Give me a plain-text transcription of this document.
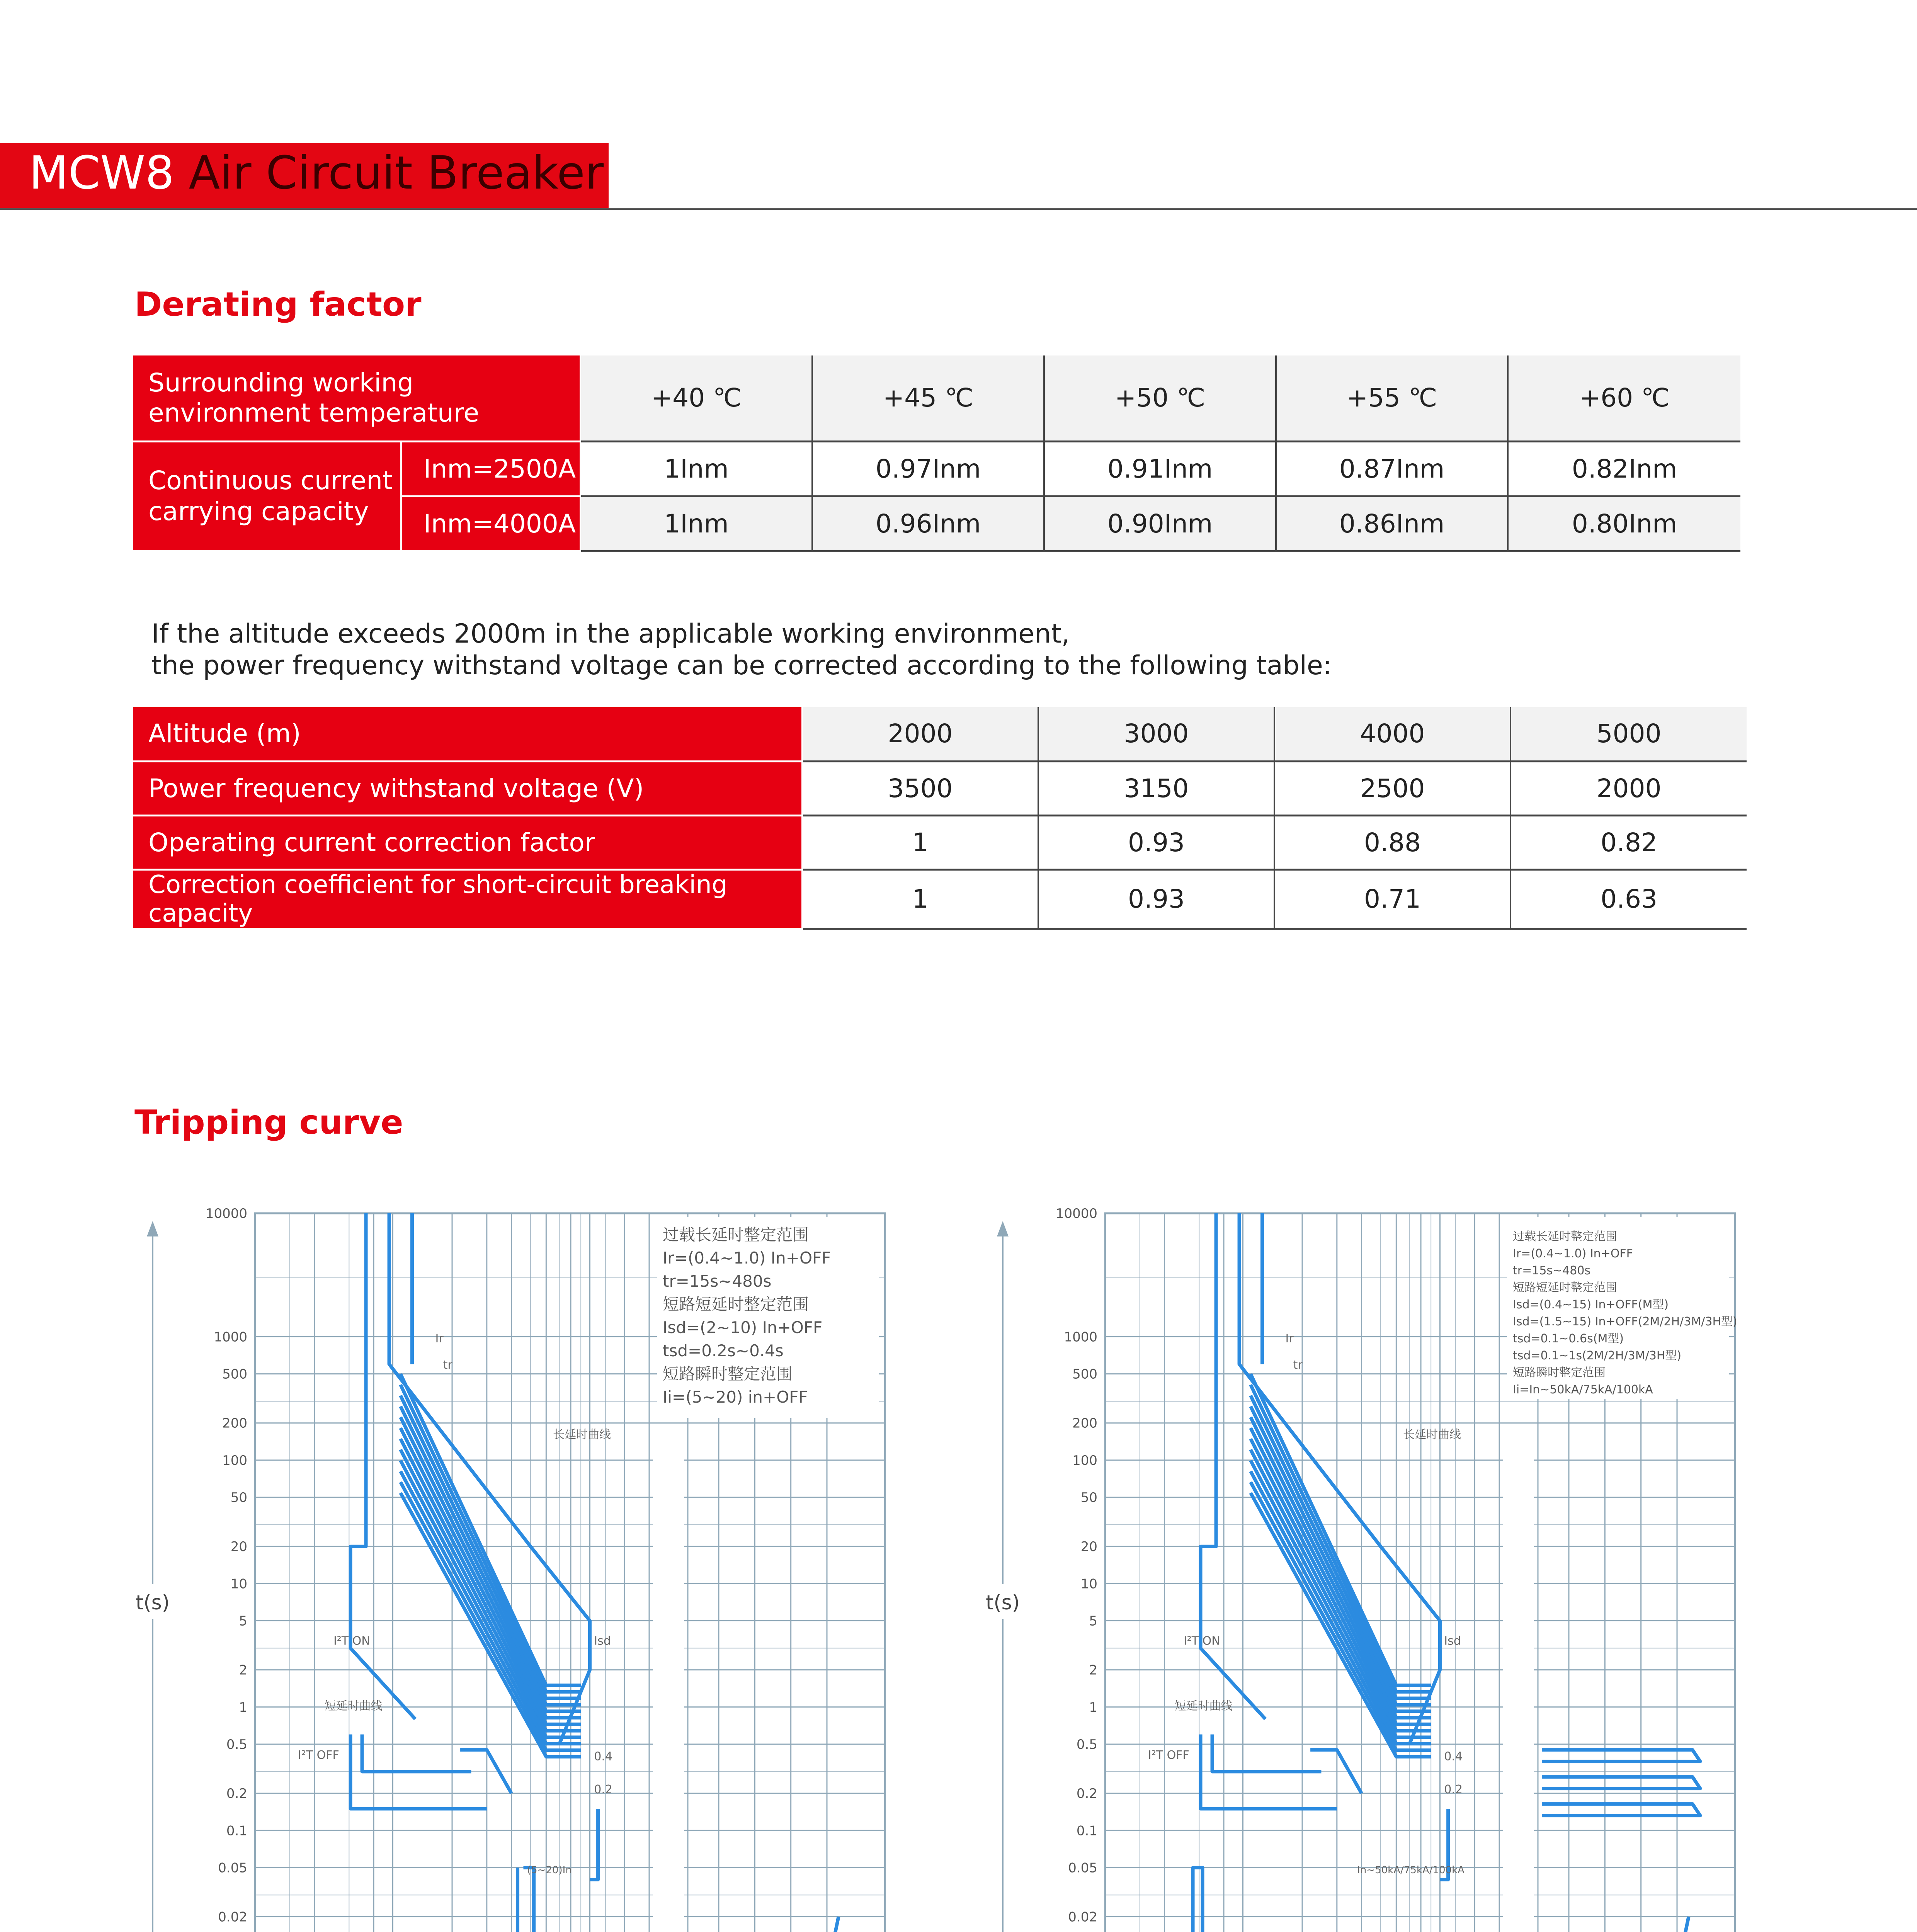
MCW8 Air Circuit Breaker
Derating factor
Surrounding working
environment temperature		+40 ℃	+45 ℃	+50 ℃	+55 ℃	+60 ℃
Continuous current
carrying capacity	Inm=2500A	1Inm	0.97Inm	0.91Inm	0.87Inm	0.82Inm
	Inm=4000A	1Inm	0.96Inm	0.90Inm	0.86Inm	0.80Inm
If the altitude exceeds 2000m in the applicable working environment,
the power frequency withstand voltage can be corrected according to the following table:
Altitude (m)	2000	3000	4000	5000
Power frequency withstand voltage (V)	3500	3150	2500	2000
Operating current correction factor	1	0.93	0.88	0.82
Correction coefficient for short-circuit breaking capacity	1	0.93	0.71	0.63
Tripping curve
10000
1000
500
200
100
50
20
10
5
2
1
0.5
0.2
0.1
0.05
0.02
过载长延时整定范围
Ir=(0.4~1.0) In+OFF
tr=15s~480s
短路短延时整定范围
Isd=(2~10) In+OFF
tsd=0.2s~0.4s
短路瞬时整定范围
Ii=(5~20) in+OFF
t(s)
(5~20)In
Ir
tr
长延时曲线
I²T ON
短延时曲线
I²T OFF
Isd
0.4
0.2
10000
1000
500
200
100
50
20
10
5
2
1
0.5
0.2
0.1
0.05
0.02
过载长延时整定范围
Ir=(0.4~1.0) In+OFF
tr=15s~480s
短路短延时整定范围
Isd=(0.4~15) In+OFF(M型)
Isd=(1.5~15) In+OFF(2M/2H/3M/3H型)
tsd=0.1~0.6s(M型)
tsd=0.1~1s(2M/2H/3M/3H型)
短路瞬时整定范围
Ii=In~50kA/75kA/100kA
t(s)
In~50kA/75kA/100kA
Ir
tr
长延时曲线
I²T ON
短延时曲线
I²T OFF
Isd
0.4
0.2
